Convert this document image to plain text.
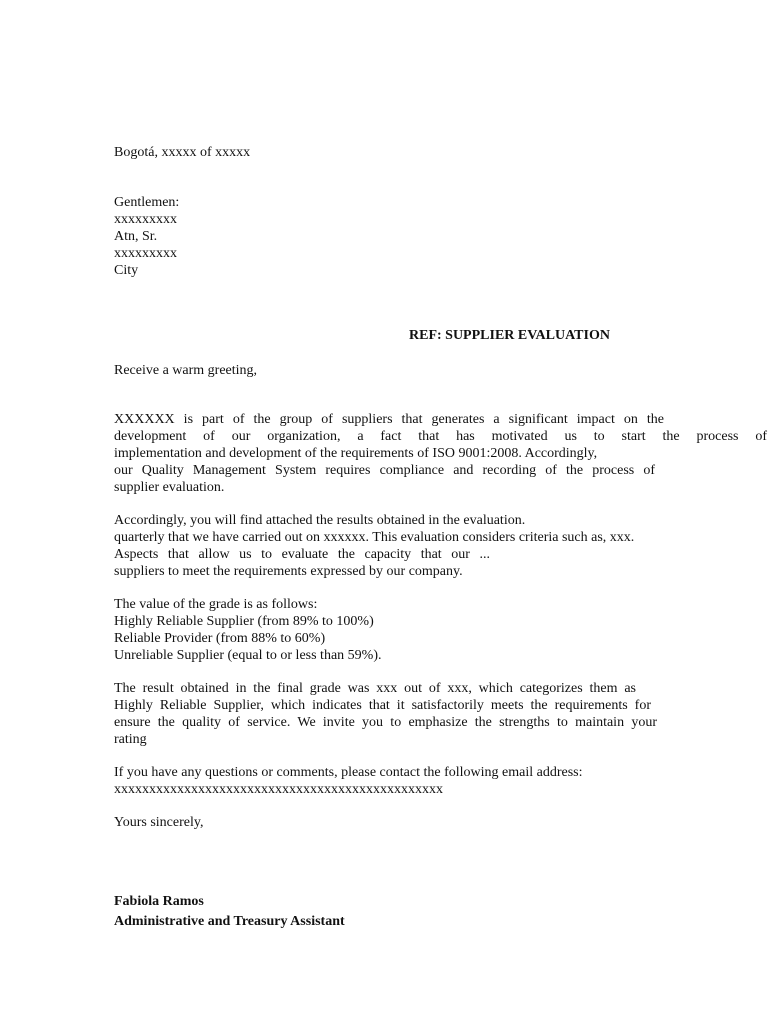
Bogotá, xxxxx of xxxxx
Gentlemen:
xxxxxxxxx
Atn, Sr.
xxxxxxxxx
City
REF: SUPPLIER EVALUATION
Receive a warm greeting,
XXXXXX is part of the group of suppliers that generates a significant impact on the
development of our organization, a fact that has motivated us to start the process of
implementation and development of the requirements of ISO 9001:2008. Accordingly,
our Quality Management System requires compliance and recording of the process of
supplier evaluation.
Accordingly, you will find attached the results obtained in the evaluation.
quarterly that we have carried out on xxxxxx. This evaluation considers criteria such as, xxx.
Aspects that allow us to evaluate the capacity that our ...
suppliers to meet the requirements expressed by our company.
The value of the grade is as follows:
Highly Reliable Supplier (from 89% to 100%)
Reliable Provider (from 88% to 60%)
Unreliable Supplier (equal to or less than 59%).
The result obtained in the final grade was xxx out of xxx, which categorizes them as
Highly Reliable Supplier, which indicates that it satisfactorily meets the requirements for
ensure the quality of service. We invite you to emphasize the strengths to maintain your
rating
If you have any questions or comments, please contact the following email address:
xxxxxxxxxxxxxxxxxxxxxxxxxxxxxxxxxxxxxxxxxxxxxxx
Yours sincerely,
Fabiola Ramos
Administrative and Treasury Assistant
